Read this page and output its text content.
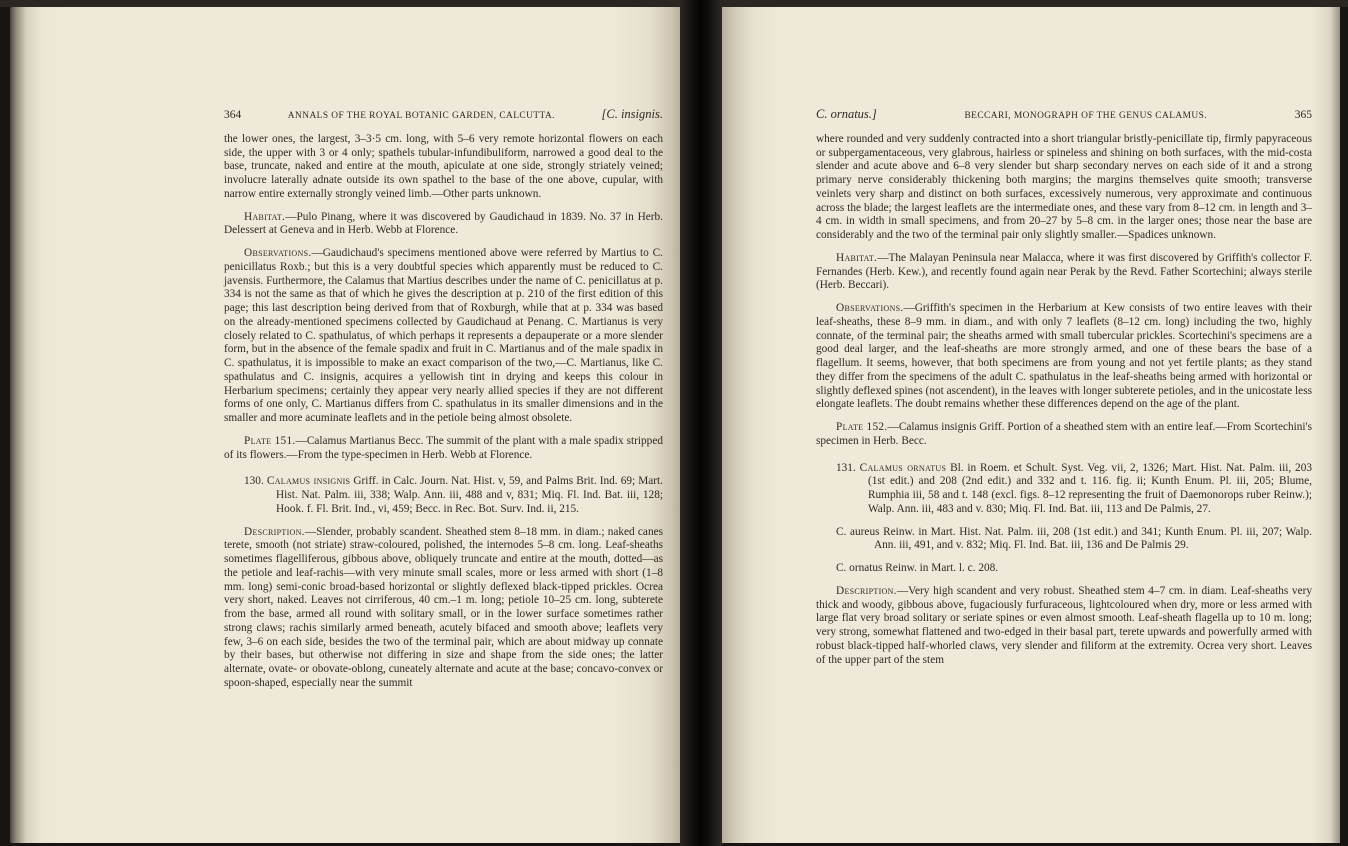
364	ANNALS OF THE ROYAL BOTANIC GARDEN, CALCUTTA.	[C. insignis.

the lower ones, the largest, 3–3·5 cm. long, with 5–6 very remote horizontal flowers on each side, the upper with 3 or 4 only; spathels tubular-infundibuliform, narrowed a good deal to the base, truncate, naked and entire at the mouth, apiculate at one side, strongly striately veined; involucre laterally adnate outside its own spathel to the base of the one above, cupular, with narrow entire externally strongly veined limb.—Other parts unknown.

Habitat.—Pulo Pinang, where it was discovered by Gaudichaud in 1839. No. 37 in Herb. Delessert at Geneva and in Herb. Webb at Florence.

Observations.—Gaudichaud's specimens mentioned above were referred by Martius to C. penicillatus Roxb.; but this is a very doubtful species which apparently must be reduced to C. javensis. Furthermore, the Calamus that Martius describes under the name of C. penicillatus at p. 334 is not the same as that of which he gives the description at p. 210 of the first edition of this page; this last description being derived from that of Roxburgh, while that at p. 334 was based on the already-mentioned specimens collected by Gaudichaud at Penang. C. Martianus is very closely related to C. spathulatus, of which perhaps it represents a depauperate or a more slender form, but in the absence of the female spadix and fruit in C. Martianus and of the male spadix in C. spathulatus, it is impossible to make an exact comparison of the two,—C. Martianus, like C. spathulatus and C. insignis, acquires a yellowish tint in drying and keeps this colour in Herbarium specimens; certainly they appear very nearly allied species if they are not different forms of one only, C. Martianus differs from C. spathulatus in its smaller dimensions and in the smaller and more acuminate leaflets and in the petiole being almost obsolete.

Plate 151.—Calamus Martianus Becc. The summit of the plant with a male spadix stripped of its flowers.—From the type-specimen in Herb. Webb at Florence.

130. Calamus insignis Griff. in Calc. Journ. Nat. Hist. v, 59, and Palms Brit. Ind. 69; Mart. Hist. Nat. Palm. iii, 338; Walp. Ann. iii, 488 and v, 831; Miq. Fl. Ind. Bat. iii, 128; Hook. f. Fl. Brit. Ind., vi, 459; Becc. in Rec. Bot. Surv. Ind. ii, 215.

Description.—Slender, probably scandent. Sheathed stem 8–18 mm. in diam.; naked canes terete, smooth (not striate) straw-coloured, polished, the internodes 5–8 cm. long. Leaf-sheaths sometimes flagelliferous, gibbous above, obliquely truncate and entire at the mouth, dotted—as the petiole and leaf-rachis—with very minute small scales, more or less armed with short (1–8 mm. long) semi-conic broad-based horizontal or slightly deflexed black-tipped prickles. Ocrea very short, naked. Leaves not cirriferous, 40 cm.–1 m. long; petiole 10–25 cm. long, subterete from the base, armed all round with solitary small, or in the lower surface sometimes rather strong claws; rachis similarly armed beneath, acutely bifaced and smooth above; leaflets very few, 3–6 on each side, besides the two of the terminal pair, which are about midway up connate by their bases, but otherwise not differing in size and shape from the side ones; the latter alternate, ovate- or obovate-oblong, cuneately alternate and acute at the base; concavo-convex or spoon-shaped, especially near the summit

C. ornatus.]	BECCARI, MONOGRAPH OF THE GENUS CALAMUS.	365

where rounded and very suddenly contracted into a short triangular bristly-penicillate tip, firmly papyraceous or subpergamentaceous, very glabrous, hairless or spineless and shining on both surfaces, with the mid-costa slender and acute above and 6–8 very slender but sharp secondary nerves on each side of it and a strong primary nerve considerably thickening both margins; the margins themselves quite smooth; transverse veinlets very sharp and distinct on both surfaces, excessively numerous, very approximate and continuous across the blade; the largest leaflets are the intermediate ones, and these vary from 8–12 cm. in length and 3–4 cm. in width in small specimens, and from 20–27 by 5–8 cm. in the larger ones; those near the base are considerably and the two of the terminal pair only slightly smaller.—Spadices unknown.

Habitat.—The Malayan Peninsula near Malacca, where it was first discovered by Griffith's collector F. Fernandes (Herb. Kew.), and recently found again near Perak by the Revd. Father Scortechini; always sterile (Herb. Beccari).

Observations.—Griffith's specimen in the Herbarium at Kew consists of two entire leaves with their leaf-sheaths, these 8–9 mm. in diam., and with only 7 leaflets (8–12 cm. long) including the two, highly connate, of the terminal pair; the sheaths armed with small tubercular prickles. Scortechini's specimens are a good deal larger, and the leaf-sheaths are more strongly armed, and one of these bears the base of a flagellum. It seems, however, that both specimens are from young and not yet fertile plants; as they stand they differ from the specimens of the adult C. spathulatus in the leaf-sheaths being armed with horizontal or slightly deflexed spines (not ascendent), in the leaves with longer subterete petioles, and in the unicostate less elongate leaflets. The doubt remains whether these differences depend on the age of the plant.

Plate 152.—Calamus insignis Griff. Portion of a sheathed stem with an entire leaf.—From Scortechini's specimen in Herb. Becc.

131. Calamus ornatus Bl. in Roem. et Schult. Syst. Veg. vii, 2, 1326; Mart. Hist. Nat. Palm. iii, 203 (1st edit.) and 208 (2nd edit.) and 332 and t. 116. fig. ii; Kunth Enum. Pl. iii, 205; Blume, Rumphia iii, 58 and t. 148 (excl. figs. 8–12 representing the fruit of Daemonorops ruber Reinw.); Walp. Ann. iii, 483 and v. 830; Miq. Fl. Ind. Bat. iii, 113 and De Palmis, 27.

C. aureus Reinw. in Mart. Hist. Nat. Palm. iii, 208 (1st edit.) and 341; Kunth Enum. Pl. iii, 207; Walp. Ann. iii, 491, and v. 832; Miq. Fl. Ind. Bat. iii, 136 and De Palmis 29.

C. ornatus Reinw. in Mart. l. c. 208.

Description.—Very high scandent and very robust. Sheathed stem 4–7 cm. in diam. Leaf-sheaths very thick and woody, gibbous above, fugaciously furfuraceous, lightcoloured when dry, more or less armed with large flat very broad solitary or seriate spines or even almost smooth. Leaf-sheath flagella up to 10 m. long; very strong, somewhat flattened and two-edged in their basal part, terete upwards and powerfully armed with robust black-tipped half-whorled claws, very slender and filiform at the extremity. Ocrea very short. Leaves of the upper part of the stem
